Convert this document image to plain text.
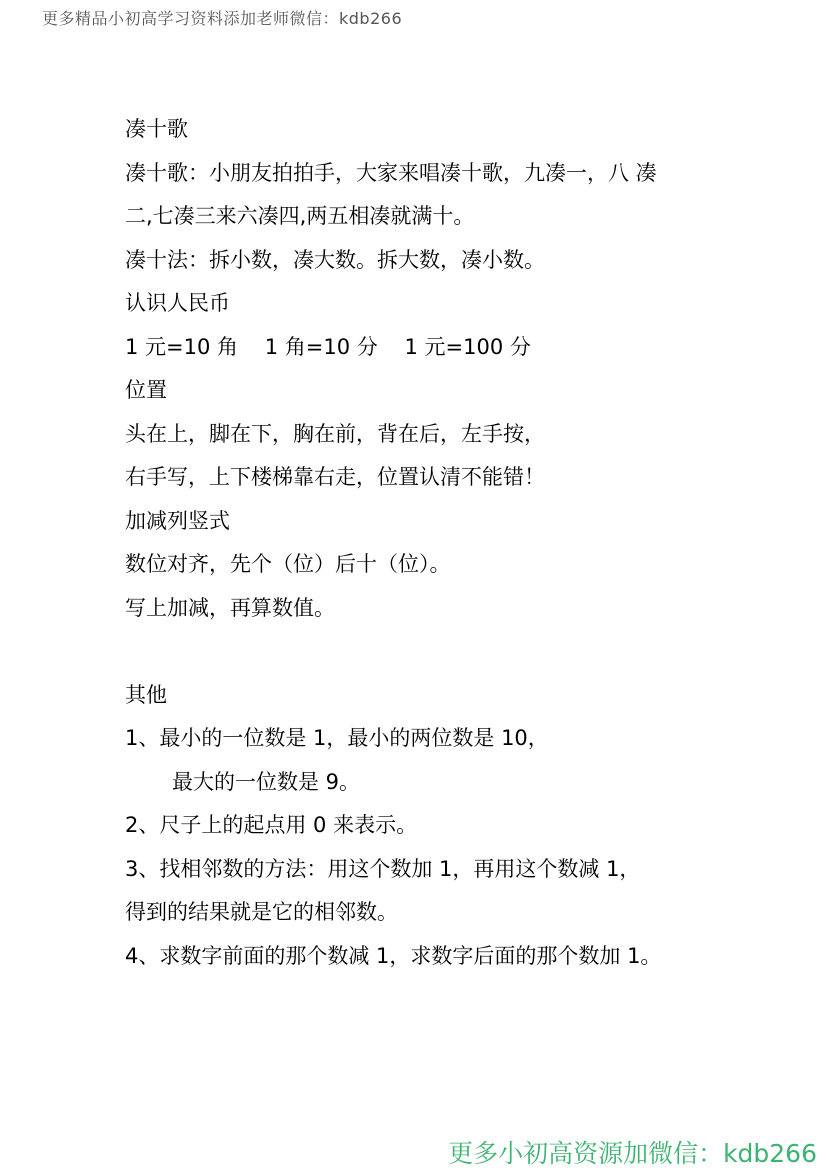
更多精品小初高学习资料添加老师微信：kdb266
凑十歌
凑十歌：小朋友拍拍手，大家来唱凑十歌，九凑一，八 凑
二,七凑三来六凑四,两五相凑就满十。
凑十法：拆小数，凑大数。拆大数，凑小数。
认识人民币
1 元=10 角    1 角=10 分    1 元=100 分
位置
头在上，脚在下，胸在前，背在后，左手按，
右手写，上下楼梯靠右走，位置认清不能错！
加减列竖式
数位对齐，先个（位）后十（位）。
写上加减，再算数值。
其他
1、最小的一位数是 1，最小的两位数是 10，
最大的一位数是 9。
2、尺子上的起点用 0 来表示。
3、找相邻数的方法：用这个数加 1，再用这个数减 1，
得到的结果就是它的相邻数。
4、求数字前面的那个数减 1，求数字后面的那个数加 1。
更多小初高资源加微信：kdb266
